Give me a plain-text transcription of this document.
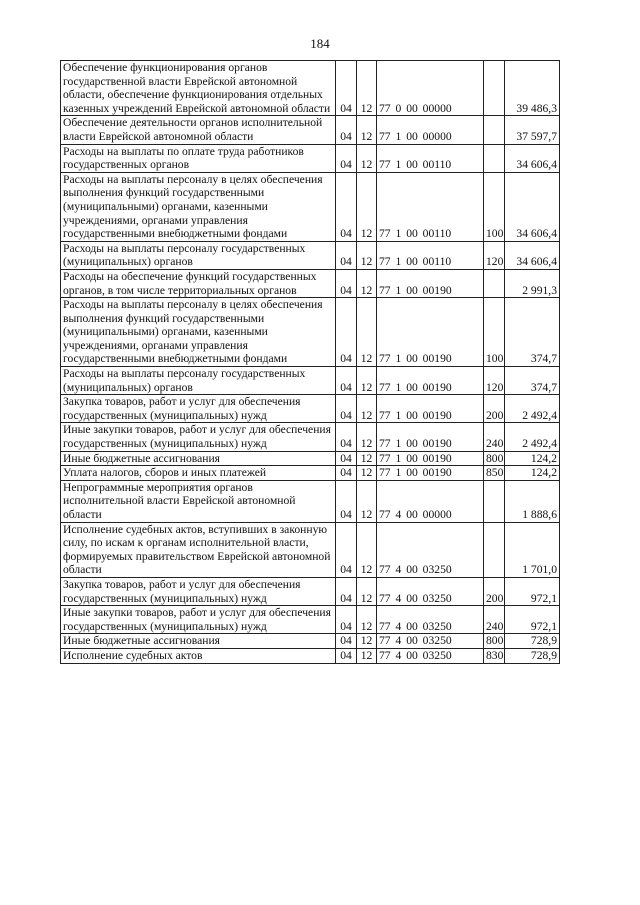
184
Обеспечение функционирования органов государственной власти Еврейской автономной области, обеспечение функционирования отдельных казенных учреждений Еврейской автономной области	04	12	77 0 00 00000		39 486,3
Обеспечение деятельности органов исполнительной власти Еврейской автономной области	04	12	77 1 00 00000		37 597,7
Расходы на выплаты по оплате труда работников государственных органов	04	12	77 1 00 00110		34 606,4
Расходы на выплаты персоналу в целях обеспечения выполнения функций государственными (муниципальными) органами, казенными учреждениями, органами управления государственными внебюджетными фондами	04	12	77 1 00 00110	100	34 606,4
Расходы на выплаты персоналу государственных (муниципальных) органов	04	12	77 1 00 00110	120	34 606,4
Расходы на обеспечение функций государственных органов, в том числе территориальных органов	04	12	77 1 00 00190		2 991,3
Расходы на выплаты персоналу в целях обеспечения выполнения функций государственными (муниципальными) органами, казенными учреждениями, органами управления государственными внебюджетными фондами	04	12	77 1 00 00190	100	374,7
Расходы на выплаты персоналу государственных (муниципальных) органов	04	12	77 1 00 00190	120	374,7
Закупка товаров, работ и услуг для обеспечения государственных (муниципальных) нужд	04	12	77 1 00 00190	200	2 492,4
Иные закупки товаров, работ и услуг для обеспечения государственных (муниципальных) нужд	04	12	77 1 00 00190	240	2 492,4
Иные бюджетные ассигнования	04	12	77 1 00 00190	800	124,2
Уплата налогов, сборов и иных платежей	04	12	77 1 00 00190	850	124,2
Непрограммные мероприятия органов исполнительной власти Еврейской автономной области	04	12	77 4 00 00000		1 888,6
Исполнение судебных актов, вступивших в законную силу, по искам к органам исполнительной власти, формируемых правительством Еврейской автономной области	04	12	77 4 00 03250		1 701,0
Закупка товаров, работ и услуг для обеспечения государственных (муниципальных) нужд	04	12	77 4 00 03250	200	972,1
Иные закупки товаров, работ и услуг для обеспечения государственных (муниципальных) нужд	04	12	77 4 00 03250	240	972,1
Иные бюджетные ассигнования	04	12	77 4 00 03250	800	728,9
Исполнение судебных актов	04	12	77 4 00 03250	830	728,9
